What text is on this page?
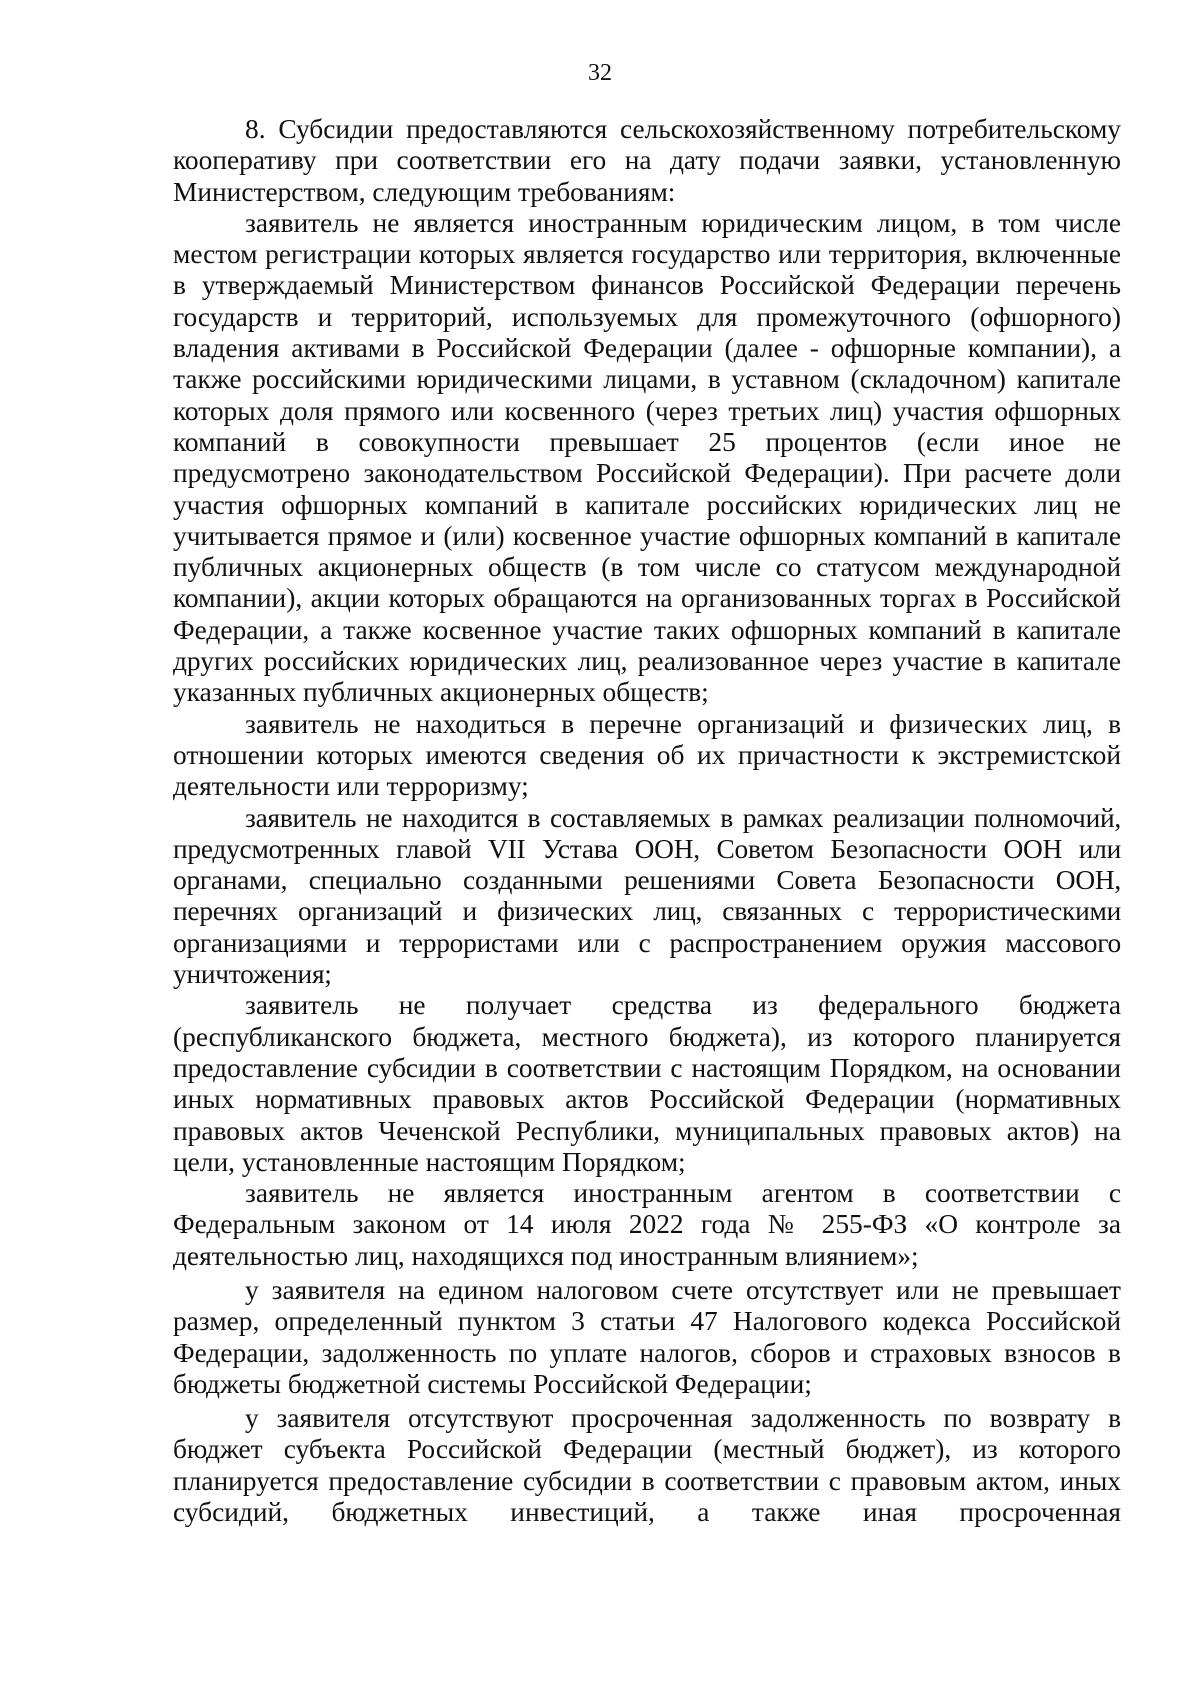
32

8. Субсидии предоставляются сельскохозяйственному потребительскому кооперативу при соответствии его на дату подачи заявки, установленную Министерством, следующим требованиям:

заявитель не является иностранным юридическим лицом, в том числе местом регистрации которых является государство или территория, включенные в утверждаемый Министерством финансов Российской Федерации перечень государств и территорий, используемых для промежуточного (офшорного) владения активами в Российской Федерации (далее - офшорные компании), а также российскими юридическими лицами, в уставном (складочном) капитале которых доля прямого или косвенного (через третьих лиц) участия офшорных компаний в совокупности превышает 25 процентов (если иное не предусмотрено законодательством Российской Федерации). При расчете доли участия офшорных компаний в капитале российских юридических лиц не учитывается прямое и (или) косвенное участие офшорных компаний в капитале публичных акционерных обществ (в том числе со статусом международной компании), акции которых обращаются на организованных торгах в Российской Федерации, а также косвенное участие таких офшорных компаний в капитале других российских юридических лиц, реализованное через участие в капитале указанных публичных акционерных обществ;

заявитель не находиться в перечне организаций и физических лиц, в отношении которых имеются сведения об их причастности к экстремистской деятельности или терроризму;

заявитель не находится в составляемых в рамках реализации полномочий, предусмотренных главой VII Устава ООН, Советом Безопасности ООН или органами, специально созданными решениями Совета Безопасности ООН, перечнях организаций и физических лиц, связанных с террористическими организациями и террористами или с распространением оружия массового уничтожения;

заявитель не получает средства из федерального бюджета (республиканского бюджета, местного бюджета), из которого планируется предоставление субсидии в соответствии с настоящим Порядком, на основании иных нормативных правовых актов Российской Федерации (нормативных правовых актов Чеченской Республики, муниципальных правовых актов) на цели, установленные настоящим Порядком;

заявитель не является иностранным агентом в соответствии с Федеральным законом от 14 июля 2022 года № 255-ФЗ «О контроле за деятельностью лиц, находящихся под иностранным влиянием»;

у заявителя на едином налоговом счете отсутствует или не превышает размер, определенный пунктом 3 статьи 47 Налогового кодекса Российской Федерации, задолженность по уплате налогов, сборов и страховых взносов в бюджеты бюджетной системы Российской Федерации;

у заявителя отсутствуют просроченная задолженность по возврату в бюджет субъекта Российской Федерации (местный бюджет), из которого планируется предоставление субсидии в соответствии с правовым актом, иных субсидий, бюджетных инвестиций, а также иная просроченная
